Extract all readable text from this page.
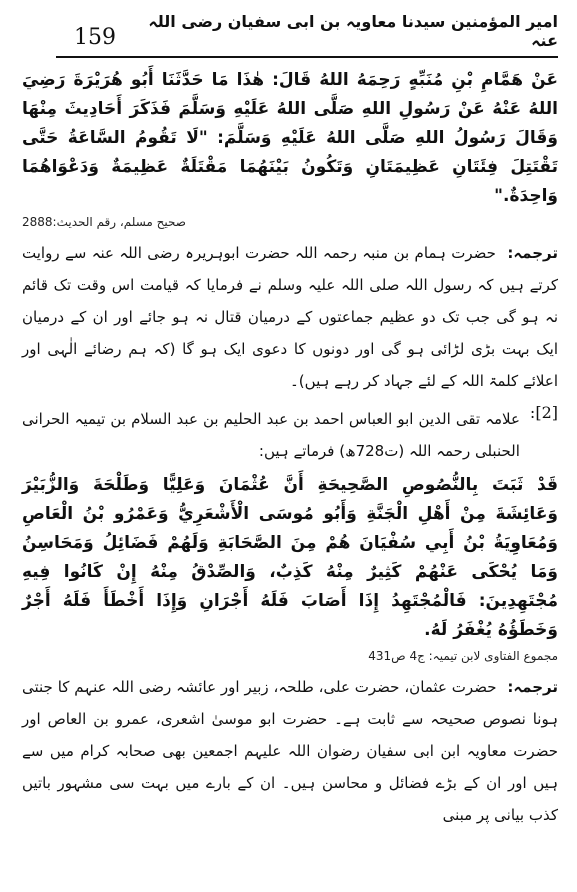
159
امیر المؤمنین سیدنا معاویہ بن ابی سفیان رضی اللہ عنہ

عَنْ هَمَّامِ بْنِ مُنَبِّهٍ رَحِمَهُ اللهُ قَالَ: هٰذَا مَا حَدَّثَنَا أَبُو هُرَيْرَةَ رَضِيَ اللهُ عَنْهُ عَنْ رَسُولِ اللهِ صَلَّى اللهُ عَلَيْهِ وَسَلَّمَ فَذَكَرَ أَحَادِيثَ مِنْهَا وَقَالَ رَسُولُ اللهِ صَلَّى اللهُ عَلَيْهِ وَسَلَّمَ: "لَا تَقُومُ السَّاعَةُ حَتَّى تَقْتَتِلَ فِئَتَانِ عَظِيمَتَانِ وَتَكُونُ بَيْنَهُمَا مَقْتَلَةٌ عَظِيمَةٌ وَدَعْوَاهُمَا وَاحِدَةٌ."

صحیح مسلم، رقم الحدیث:2888

ترجمہ: حضرت ہمام بن منبہ رحمہ اللہ حضرت ابوہریرہ رضی اللہ عنہ سے روایت کرتے ہیں کہ رسول اللہ صلی اللہ علیہ وسلم نے فرمایا کہ قیامت اس وقت تک قائم نہ ہو گی جب تک دو عظیم جماعتوں کے درمیان قتال نہ ہو جائے اور ان کے درمیان ایک بہت بڑی لڑائی ہو گی اور دونوں کا دعوی ایک ہو گا (کہ ہم رضائے الٰہی اور اعلائے کلمۃ اللہ کے لئے جہاد کر رہے ہیں)۔

[2]:

علامہ تقی الدین ابو العباس احمد بن عبد الحلیم بن عبد السلام بن تیمیہ الحرانی الحنبلی رحمہ اللہ (ت728ھ) فرماتے ہیں:

قَدْ ثَبَتَ بِالنُّصُوصِ الصَّحِيحَةِ أَنَّ عُثْمَانَ وَعَلِيًّا وَطَلْحَةَ وَالزُّبَيْرَ وَعَائِشَةَ مِنْ أَهْلِ الْجَنَّةِ وَأَبُو مُوسَى الْأَشْعَرِيُّ وَعَمْرُو بْنُ الْعَاصِ وَمُعَاوِيَةُ بْنُ أَبِي سُفْيَانَ هُمْ مِنَ الصَّحَابَةِ وَلَهُمْ فَضَائِلُ وَمَحَاسِنُ وَمَا يُحْكَى عَنْهُمْ كَثِيرٌ مِنْهُ كَذِبٌ، وَالصِّدْقُ مِنْهُ إِنْ كَانُوا فِيهِ مُجْتَهِدِينَ: فَالْمُجْتَهِدُ إِذَا أَصَابَ فَلَهُ أَجْرَانِ وَإِذَا أَخْطَأَ فَلَهُ أَجْرٌ وَخَطَؤُهُ يُغْفَرُ لَهُ.

مجموع الفتاوی لابن تیمیہ: ج4 ص431

ترجمہ: حضرت عثمان، حضرت علی، طلحہ، زبیر اور عائشہ رضی اللہ عنہم کا جنتی ہونا نصوص صحیحہ سے ثابت ہے۔ حضرت ابو موسیٰ اشعری، عمرو بن العاص اور حضرت معاویہ ابن ابی سفیان رضوان اللہ علیہم اجمعین بھی صحابہ کرام میں سے ہیں اور ان کے بڑے فضائل و محاسن ہیں۔ ان کے بارے میں بہت سی مشہور باتیں کذب بیانی پر مبنی
